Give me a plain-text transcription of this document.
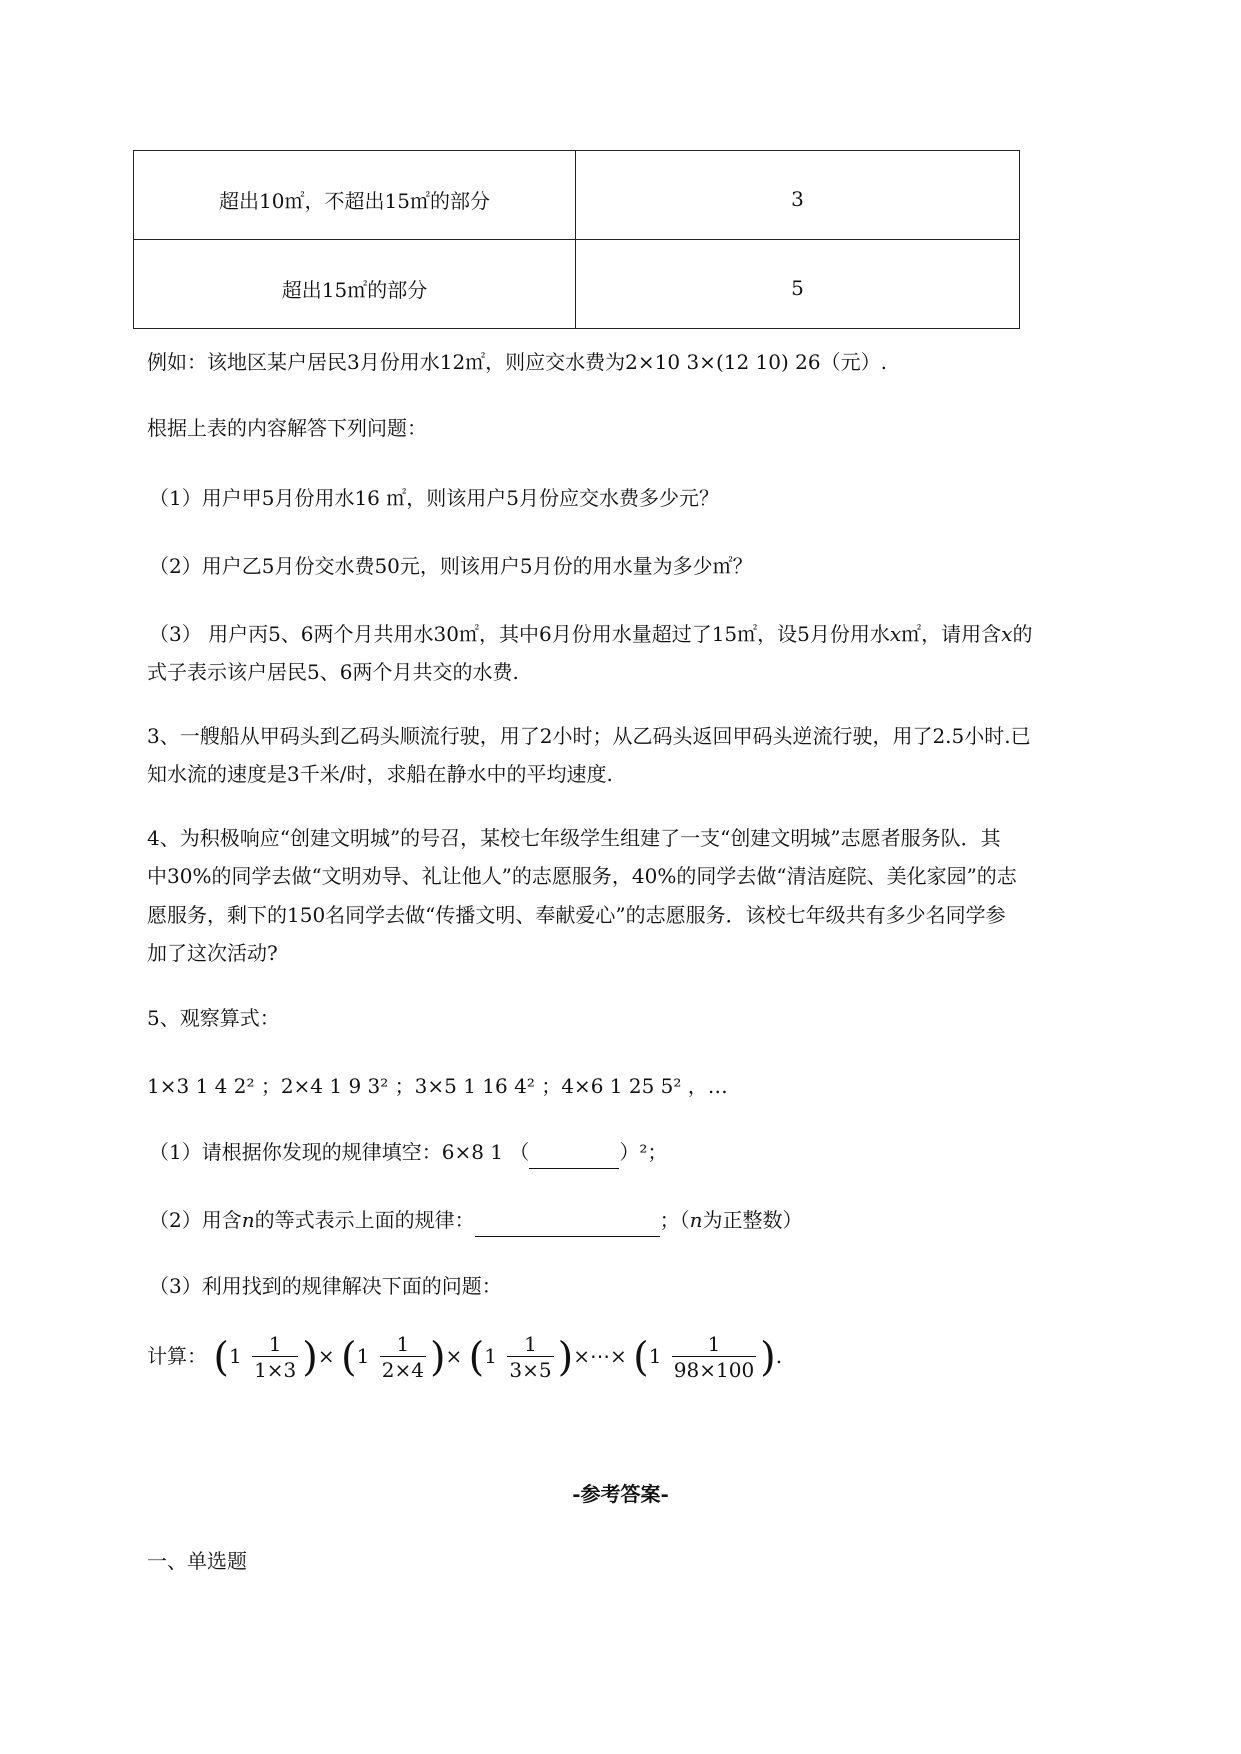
超出10㎡，不超出15㎡的部分	3
超出15㎡的部分	5
例如：该地区某户居民3月份用水12㎡，则应交水费为2×10 3×(12 10) 26（元）.
根据上表的内容解答下列问题：
（1）用户甲5月份用水16 ㎡，则该用户5月份应交水费多少元？
（2）用户乙5月份交水费50元，则该用户5月份的用水量为多少㎡？
（3） 用户丙5、6两个月共用水30㎡，其中6月份用水量超过了15㎡，设5月份用水x㎡，请用含x的
式子表示该户居民5、6两个月共交的水费.
3、一艘船从甲码头到乙码头顺流行驶，用了2小时；从乙码头返回甲码头逆流行驶，用了2.5小时.已
知水流的速度是3千米/时，求船在静水中的平均速度.
4、为积极响应“创建文明城”的号召，某校七年级学生组建了一支“创建文明城”志愿者服务队．其
中30%的同学去做“文明劝导、礼让他人”的志愿服务，40%的同学去做“清洁庭院、美化家园”的志
愿服务，剩下的150名同学去做“传播文明、奉献爱心”的志愿服务．该校七年级共有多少名同学参
加了这次活动?
5、观察算式：
1×3 1 4 2² ；2×4 1 9 3² ；3×5 1 16 4² ；4×6 1 25 5² ，…
（1）请根据你发现的规律填空：6×8 1 （	）²；
（2）用含n的等式表示上面的规律：	；（n为正整数）
（3）利用找到的规律解决下面的问题：
计算： ($1 \frac{1}{1\times 3}$ )× ($1 \frac{1}{2\times 4}$ )× ($1 \frac{1}{3\times 5}$ )×⋯× ($1 \frac{1}{98\times 100}$ ).
-参考答案-
一、单选题
